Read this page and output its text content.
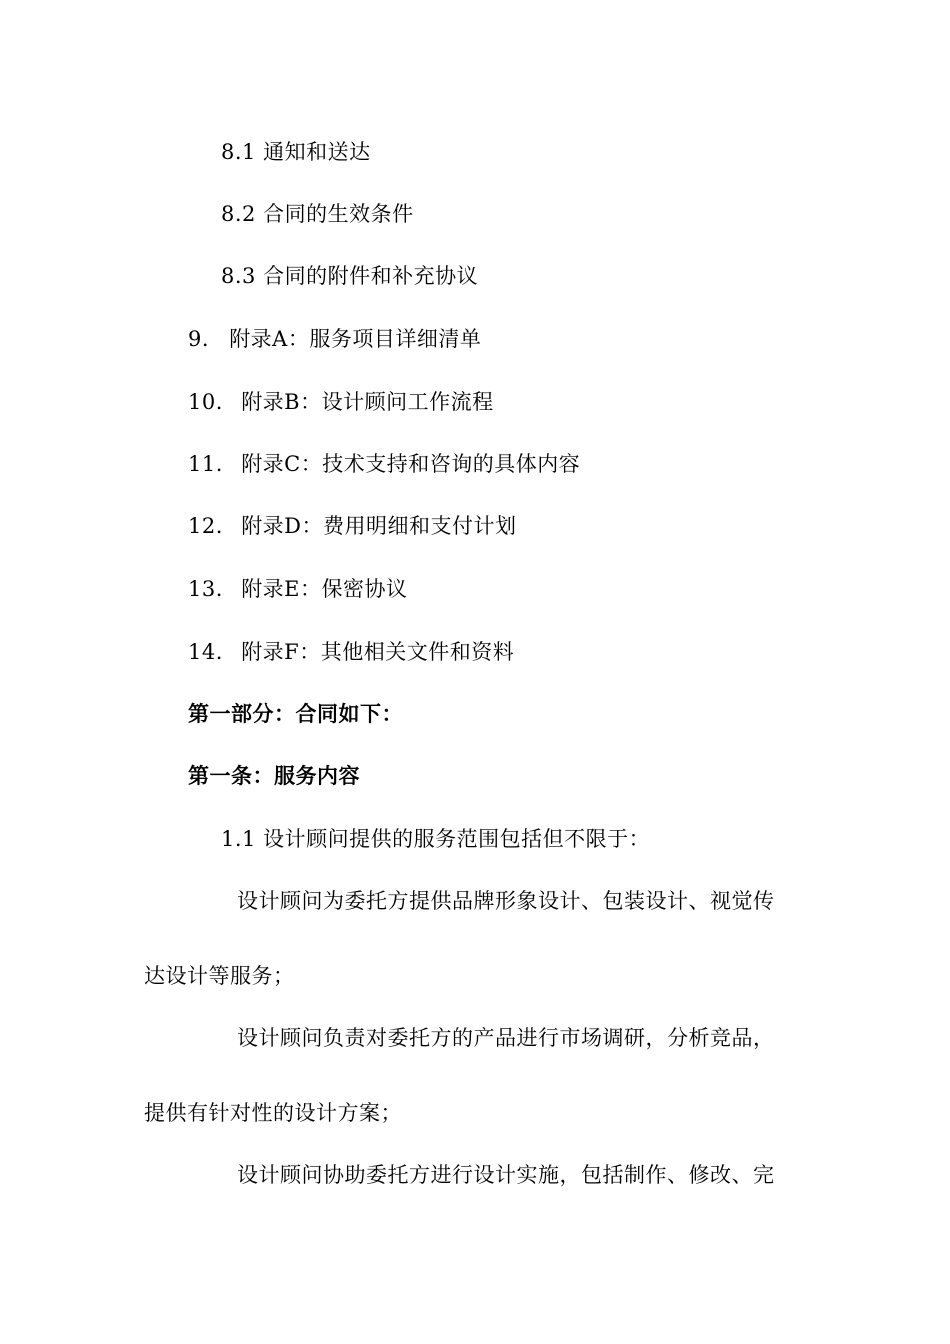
8.1 通知和送达
8.2 合同的生效条件
8.3 合同的附件和补充协议
9. 附录A：服务项目详细清单
10. 附录B：设计顾问工作流程
11. 附录C：技术支持和咨询的具体内容
12. 附录D：费用明细和支付计划
13. 附录E：保密协议
14. 附录F：其他相关文件和资料
第一部分：合同如下：
第一条：服务内容
1.1 设计顾问提供的服务范围包括但不限于：
设计顾问为委托方提供品牌形象设计、包装设计、视觉传
达设计等服务；
设计顾问负责对委托方的产品进行市场调研，分析竞品，
提供有针对性的设计方案；
设计顾问协助委托方进行设计实施，包括制作、修改、完
